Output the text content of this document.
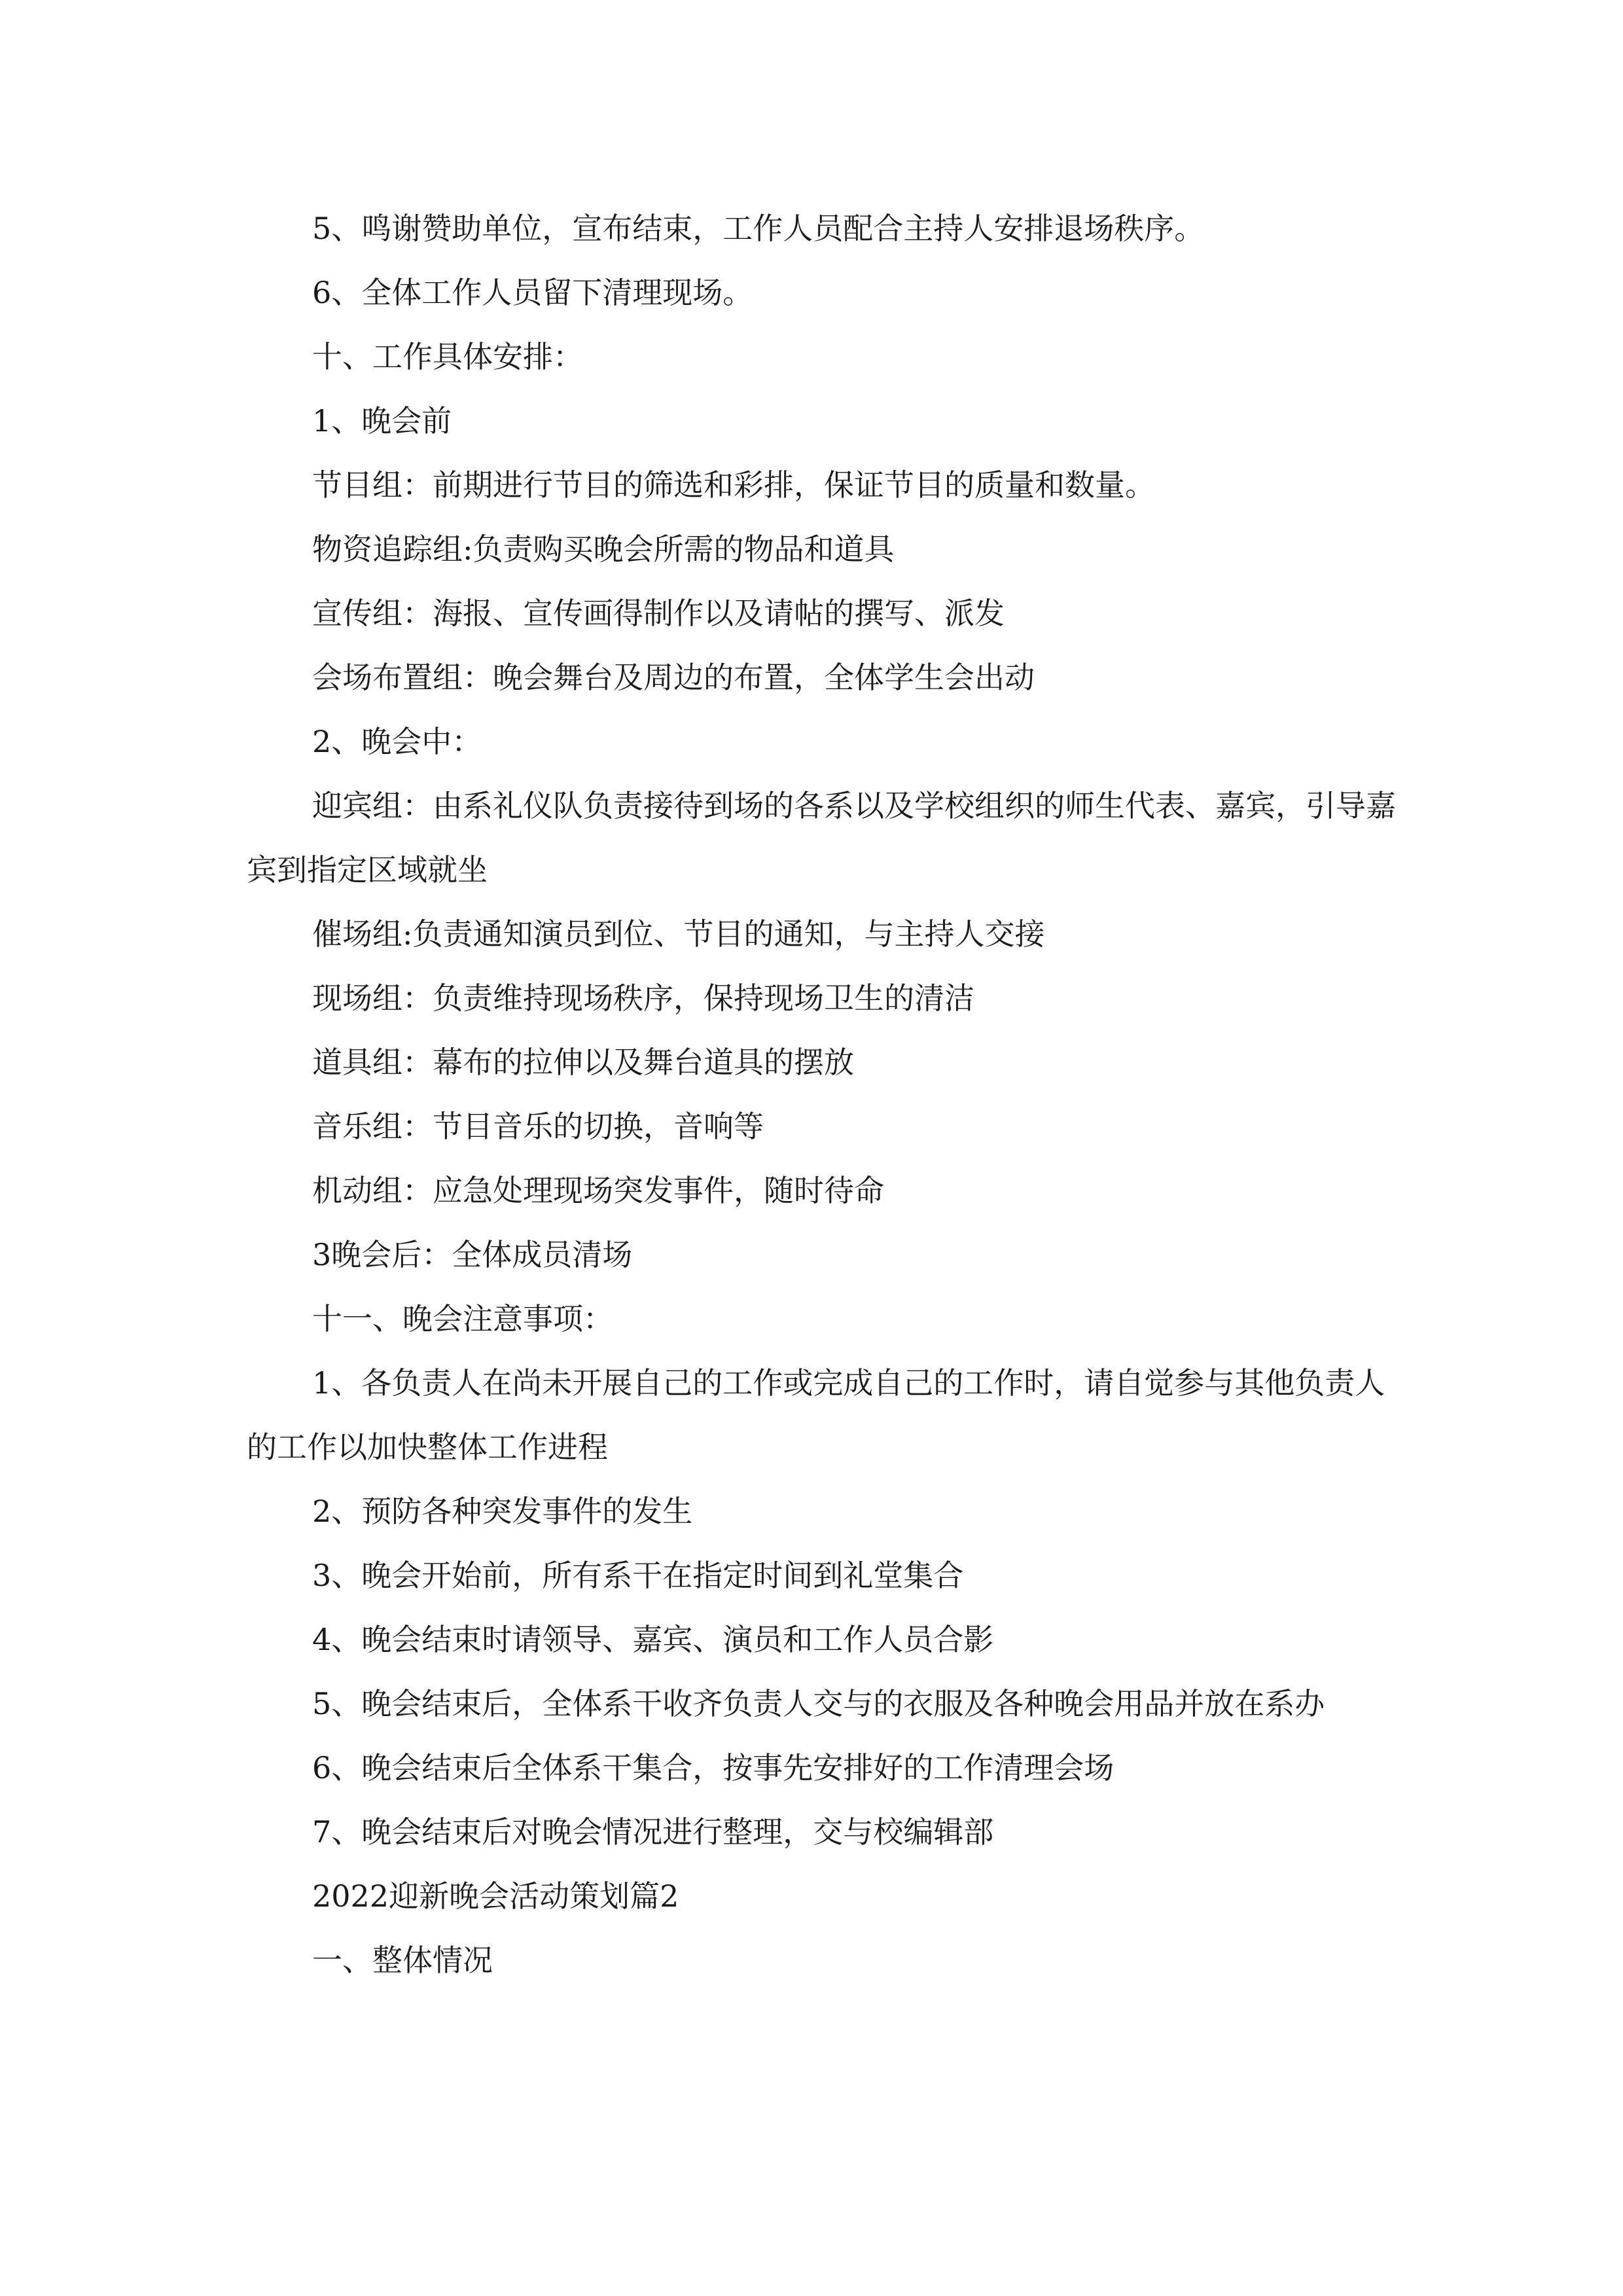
5、鸣谢赞助单位，宣布结束，工作人员配合主持人安排退场秩序。

6、全体工作人员留下清理现场。

十、工作具体安排：

1、晚会前

节目组：前期进行节目的筛选和彩排，保证节目的质量和数量。

物资追踪组:负责购买晚会所需的物品和道具

宣传组：海报、宣传画得制作以及请帖的撰写、派发

会场布置组：晚会舞台及周边的布置，全体学生会出动

2、晚会中：

迎宾组：由系礼仪队负责接待到场的各系以及学校组织的师生代表、嘉宾，引导嘉宾到指定区域就坐

催场组:负责通知演员到位、节目的通知，与主持人交接

现场组：负责维持现场秩序，保持现场卫生的清洁

道具组：幕布的拉伸以及舞台道具的摆放

音乐组：节目音乐的切换，音响等

机动组：应急处理现场突发事件，随时待命

3晚会后：全体成员清场

十一、晚会注意事项：

1、各负责人在尚未开展自己的工作或完成自己的工作时，请自觉参与其他负责人的工作以加快整体工作进程

2、预防各种突发事件的发生

3、晚会开始前，所有系干在指定时间到礼堂集合

4、晚会结束时请领导、嘉宾、演员和工作人员合影

5、晚会结束后，全体系干收齐负责人交与的衣服及各种晚会用品并放在系办

6、晚会结束后全体系干集合，按事先安排好的工作清理会场

7、晚会结束后对晚会情况进行整理，交与校编辑部

2022迎新晚会活动策划篇2

一、整体情况
